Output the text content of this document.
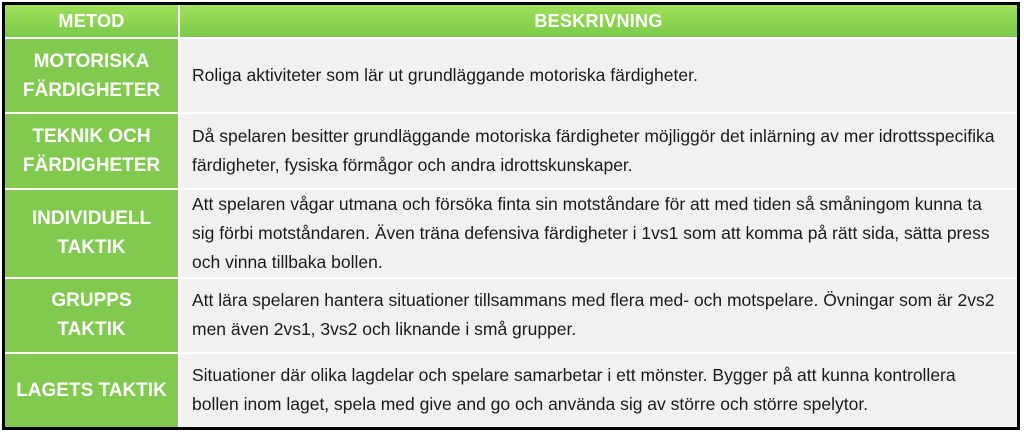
METOD	BESKRIVNING
MOTORISKA
FÄRDIGHETER
Roliga aktiviteter som lär ut grundläggande motoriska färdigheter.
TEKNIK OCH
FÄRDIGHETER
Då spelaren besitter grundläggande motoriska färdigheter möjliggör det inlärning av mer idrottsspecifika färdigheter, fysiska förmågor och andra idrottskunskaper.
INDIVIDUELL
TAKTIK
Att spelaren vågar utmana och försöka finta sin motståndare för att med tiden så småningom kunna ta sig förbi motståndaren. Även träna defensiva färdigheter i 1vs1 som att komma på rätt sida, sätta press och vinna tillbaka bollen.
GRUPPS
TAKTIK
Att lära spelaren hantera situationer tillsammans med flera med- och motspelare. Övningar som är 2vs2 men även 2vs1, 3vs2 och liknande i små grupper.
LAGETS TAKTIK
Situationer där olika lagdelar och spelare samarbetar i ett mönster. Bygger på att kunna kontrollera bollen inom laget, spela med give and go och använda sig av större och större spelytor.
